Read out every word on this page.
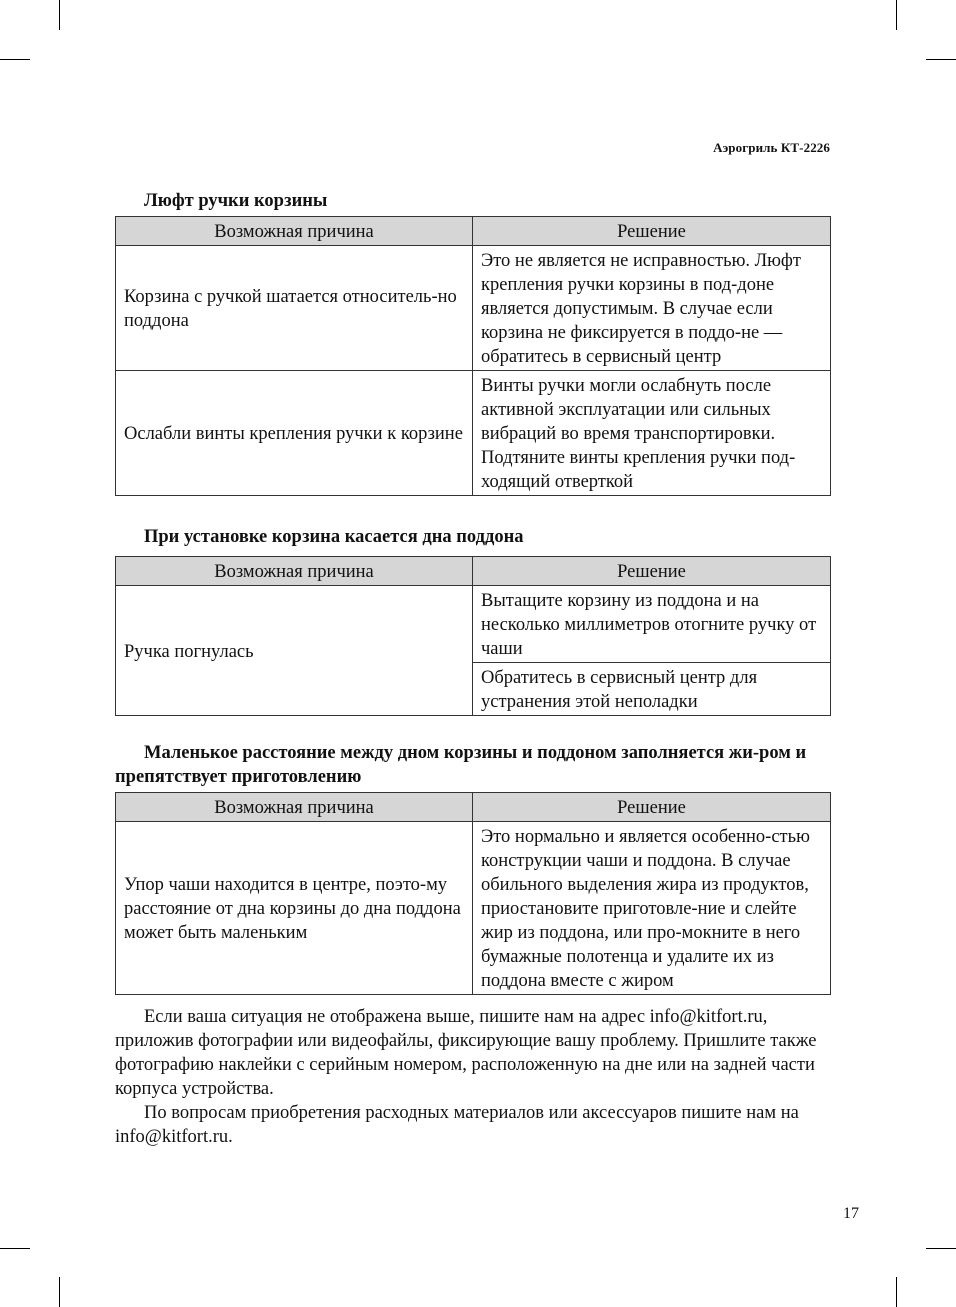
Аэрогриль КТ-2226
Люфт ручки корзины
Возможная причина	Решение
Корзина с ручкой шатается относитель-но поддона	Это не является не исправностью. Люфт крепления ручки корзины в под-доне является допустимым. В случае если корзина не фиксируется в поддо-не — обратитесь в сервисный центр
Ослабли винты крепления ручки к корзине	Винты ручки могли ослабнуть после активной эксплуатации или сильных вибраций во время транспортировки. Подтяните винты крепления ручки под-ходящий отверткой
При установке корзина касается дна поддона
Возможная причина	Решение
Ручка погнулась	Вытащите корзину из поддона и на несколько миллиметров отогните ручку от чаши
	Обратитесь в сервисный центр для устранения этой неполадки
Маленькое расстояние между дном корзины и поддоном заполняется жи-ром и препятствует приготовлению
Возможная причина	Решение
Упор чаши находится в центре, поэто-му расстояние от дна корзины до дна поддона может быть маленьким	Это нормально и является особенно-стью конструкции чаши и поддона. В случае обильного выделения жира из продуктов, приостановите приготовле-ние и слейте жир из поддона, или про-мокните в него бумажные полотенца и удалите их из поддона вместе с жиром

Если ваша ситуация не отображена выше, пишите нам на адрес info@kitfort.ru, приложив фотографии или видеофайлы, фиксирующие вашу проблему. Пришлите также фотографию наклейки с серийным номером, расположенную на дне или на задней части корпуса устройства.

По вопросам приобретения расходных материалов или аксессуаров пишите нам на info@kitfort.ru.

17
